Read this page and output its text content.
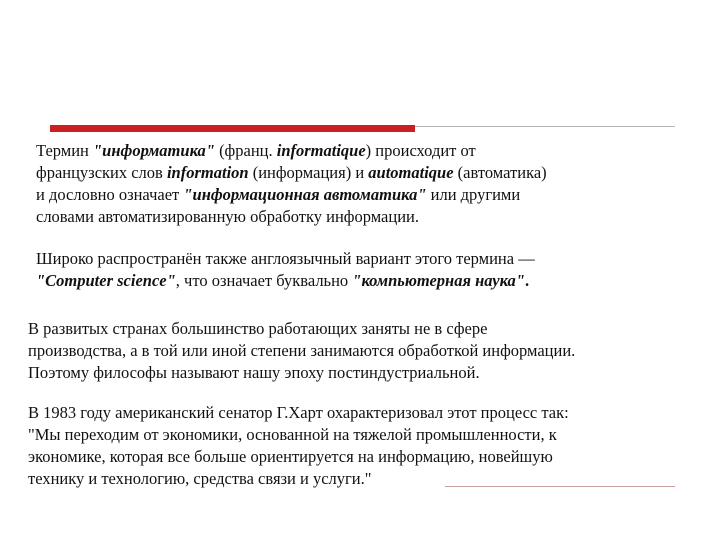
Термин "информатика" (франц. informatique) происходит от
французских слов information (информация) и automatique (автоматика)
и дословно означает "информационная автоматика" или другими
словами автоматизированную обработку информации.

Широко распространён также англоязычный вариант этого термина —
"Computer science", что означает буквально "компьютерная наука".

В развитых странах большинство работающих заняты не в сфере
производства, а в той или иной степени занимаются обработкой информации.
Поэтому философы называют нашу эпоху постиндустриальной.

В 1983 году американский сенатор Г.Харт охарактеризовал этот процесс так:
"Мы переходим от экономики, основанной на тяжелой промышленности, к
экономике, которая все больше ориентируется на информацию, новейшую
технику и технологию, средства связи и услуги."
